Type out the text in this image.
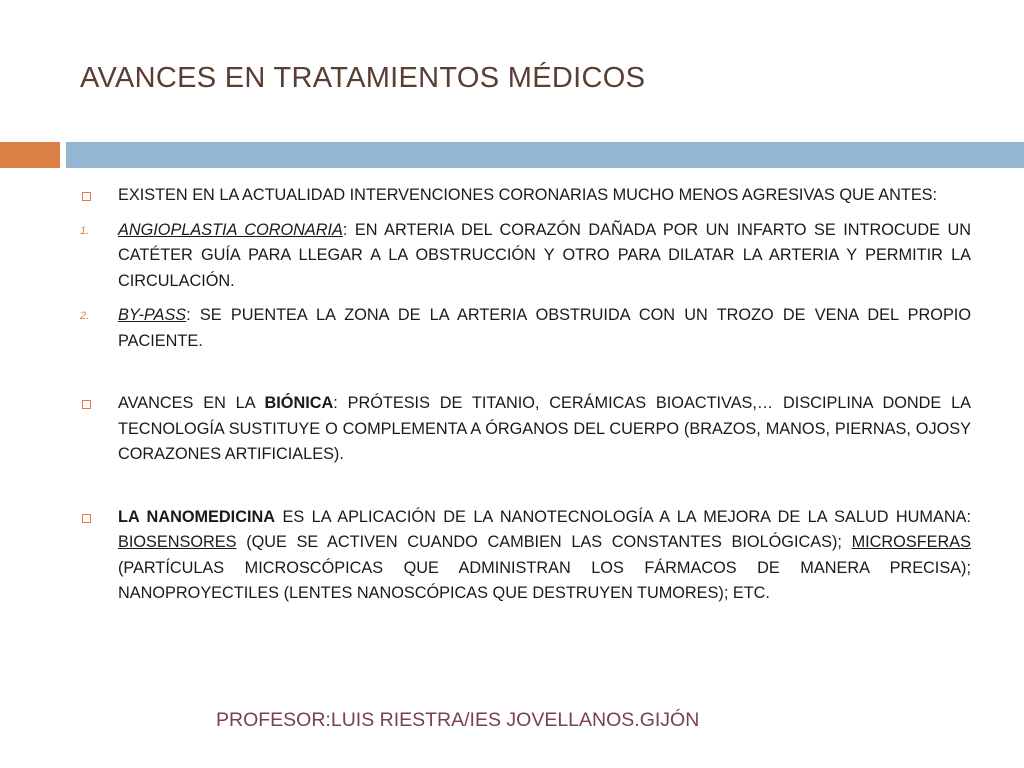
AVANCES EN TRATAMIENTOS MÉDICOS
EXISTEN EN LA ACTUALIDAD INTERVENCIONES CORONARIAS MUCHO MENOS AGRESIVAS QUE ANTES:
1. ANGIOPLASTIA CORONARIA: EN ARTERIA DEL CORAZÓN DAÑADA POR UN INFARTO SE INTROCUDE UN CATÉTER GUÍA PARA LLEGAR A LA OBSTRUCCIÓN Y OTRO PARA DILATAR LA ARTERIA Y PERMITIR LA CIRCULACIÓN.
2. BY-PASS: SE PUENTEA LA ZONA DE LA ARTERIA OBSTRUIDA CON UN TROZO DE VENA DEL PROPIO PACIENTE.
AVANCES EN LA BIÓNICA: PRÓTESIS DE TITANIO, CERÁMICAS BIOACTIVAS,… DISCIPLINA DONDE LA TECNOLOGÍA SUSTITUYE O COMPLEMENTA A ÓRGANOS DEL CUERPO (BRAZOS, MANOS, PIERNAS, OJOSY CORAZONES ARTIFICIALES).
LA NANOMEDICINA ES LA APLICACIÓN DE LA NANOTECNOLOGÍA A LA MEJORA DE LA SALUD HUMANA: BIOSENSORES (QUE SE ACTIVEN CUANDO CAMBIEN LAS CONSTANTES BIOLÓGICAS); MICROSFERAS (PARTÍCULAS MICROSCÓPICAS QUE ADMINISTRAN LOS FÁRMACOS DE MANERA PRECISA); NANOPROYECTILES (LENTES NANOSCÓPICAS QUE DESTRUYEN TUMORES); ETC.
PROFESOR:LUIS RIESTRA/IES JOVELLANOS.GIJÓN
